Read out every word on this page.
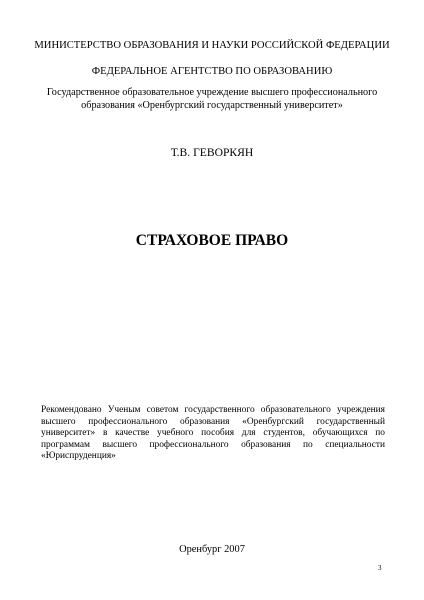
МИНИСТЕРСТВО ОБРАЗОВАНИЯ И НАУКИ РОССИЙСКОЙ ФЕДЕРАЦИИ
ФЕДЕРАЛЬНОЕ АГЕНТСТВО ПО ОБРАЗОВАНИЮ
Государственное образовательное учреждение высшего профессионального
образования «Оренбургский государственный университет»
Т.В. ГЕВОРКЯН
СТРАХОВОЕ ПРАВО
Рекомендовано Ученым советом государственного образовательного учреждения высшего профессионального образования «Оренбургский государственный университет» в качестве учебного пособия для студентов, обучающихся по программам высшего профессионального образования по специальности «Юриспруденция»
Оренбург 2007
3
